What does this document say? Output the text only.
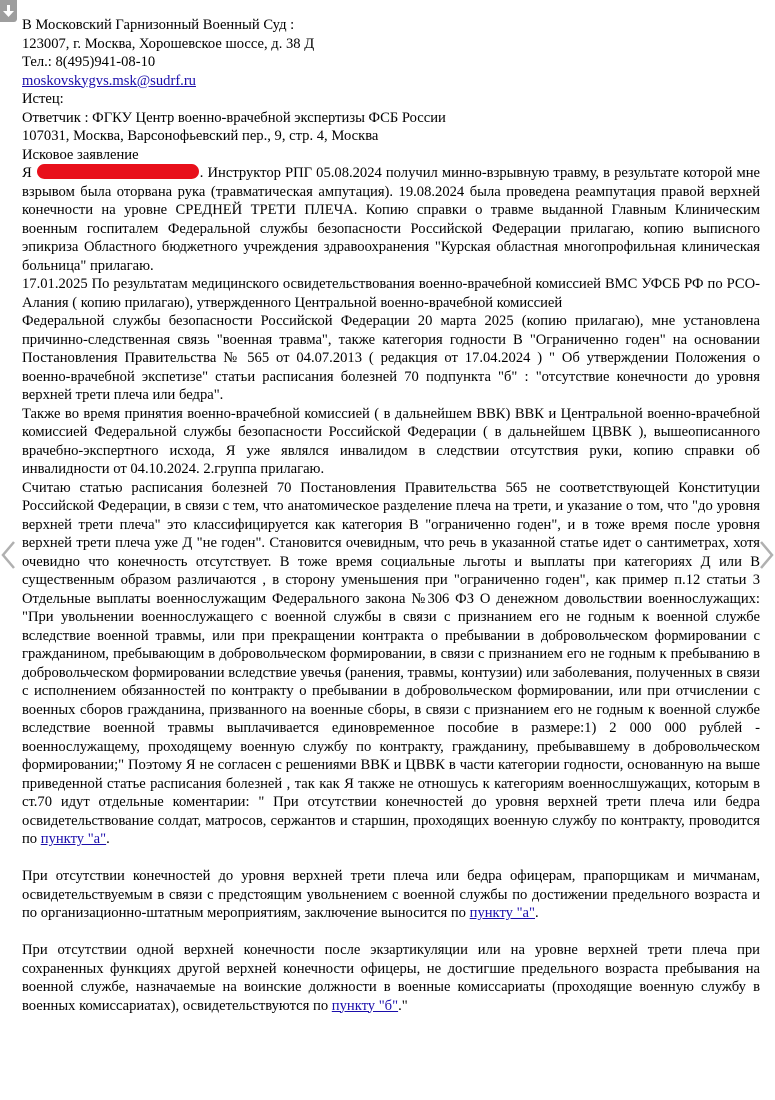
В Московский Гарнизонный Военный Суд :
123007, г. Москва, Хорошевское шоссе, д. 38 Д
Тел.: 8(495)941-08-10
moskovskygvs.msk@sudrf.ru
Истец:
Ответчик : ФГКУ Центр военно-врачебной экспертизы ФСБ России
107031, Москва, Варсонофьевский пер., 9, стр. 4, Москва
Исковое заявление
Я	. Инструктор РПГ 05.08.2024 получил минно-взрывную травму, в результате которой мне взрывом была оторвана рука (травматическая ампутация). 19.08.2024 была проведена реампутация правой верхней конечности на уровне СРЕДНЕЙ ТРЕТИ ПЛЕЧА. Копию справки о травме выданной Главным Клиническим военным госпиталем Федеральной службы безопасности Российской Федерации прилагаю, копию выписного эпикриза Областного бюджетного учреждения здравоохранения "Курская областная многопрофильная клиническая больница" прилагаю.
17.01.2025 По результатам медицинского освидетельствования военно-врачебной комиссией ВМС УФСБ РФ по РСО-Алания ( копию прилагаю), утвержденного Центральной военно-врачебной комиссией
Федеральной службы безопасности Российской Федерации 20 марта 2025 (копию прилагаю), мне установлена причинно-следственная связь "военная травма", также категория годности В "Ограниченно годен" на основании Постановления Правительства № 565 от 04.07.2013 ( редакция от 17.04.2024 ) " Об утверждении Положения о военно-врачебной экспетизе" статьи расписания болезней 70 подпункта "б" : "отсутствие конечности до уровня верхней трети плеча или бедра".
Также во время принятия военно-врачебной комиссией ( в дальнейшем ВВК) ВВК и Центральной военно-врачебной комиссией Федеральной службы безопасности Российской Федерации ( в дальнейшем ЦВВК ), вышеописанного врачебно-экспертного исхода, Я уже являлся инвалидом в следствии отсутствия руки, копию справки об инвалидности от 04.10.2024. 2.группа прилагаю.
Считаю статью расписания болезней 70 Постановления Правительства 565 не соответствующей Конституции Российской Федерации, в связи с тем, что анатомическое разделение плеча на трети, и указание о том, что "до уровня верхней трети плеча" это классифицируется как категория В "ограниченно годен", и в тоже время после уровня верхней трети плеча уже Д "не годен". Становится очевидным, что речь в указанной статье идет о сантиметрах, хотя очевидно что конечность отсутствует. В тоже время социальные льготы и выплаты при категориях Д или В существенным образом различаются , в сторону уменьшения при "ограниченно годен", как пример п.12 статьи 3 Отдельные выплаты военнослужащим Федерального закона №306 ФЗ О денежном довольствии военнослужащих: "При увольнении военнослужащего с военной службы в связи с признанием его не годным к военной службе вследствие военной травмы, или при прекращении контракта о пребывании в добровольческом формировании с гражданином, пребывающим в добровольческом формировании, в связи с признанием его не годным к пребыванию в добровольческом формировании вследствие увечья (ранения, травмы, контузии) или заболевания, полученных в связи с исполнением обязанностей по контракту о пребывании в добровольческом формировании, или при отчислении с военных сборов гражданина, призванного на военные сборы, в связи с признанием его не годным к военной службе вследствие военной травмы выплачивается единовременное пособие в размере:1) 2 000 000 рублей - военнослужащему, проходящему военную службу по контракту, гражданину, пребывавшему в добровольческом формировании;" Поэтому Я не согласен с решениями ВВК и ЦВВК в части категории годности, основанную на выше приведенной статье расписания болезней , так как Я также не отношусь к категориям военнослшужащих, которым в ст.70 идут отдельные коментарии: " При отсутствии конечностей до уровня верхней трети плеча или бедра освидетельствование солдат, матросов, сержантов и старшин, проходящих военную службу по контракту, проводится по пункту "а".
При отсутствии конечностей до уровня верхней трети плеча или бедра офицерам, прапорщикам и мичманам, освидетельствуемым в связи с предстоящим увольнением с военной службы по достижении предельного возраста и по организационно-штатным мероприятиям, заключение выносится по пункту "а".
При отсутствии одной верхней конечности после экзартикуляции или на уровне верхней трети плеча при сохраненных функциях другой верхней конечности офицеры, не достигшие предельного возраста пребывания на военной службе, назначаемые на воинские должности в военные комиссариаты (проходящие военную службу в военных комиссариатах), освидетельствуются по пункту "б"."
